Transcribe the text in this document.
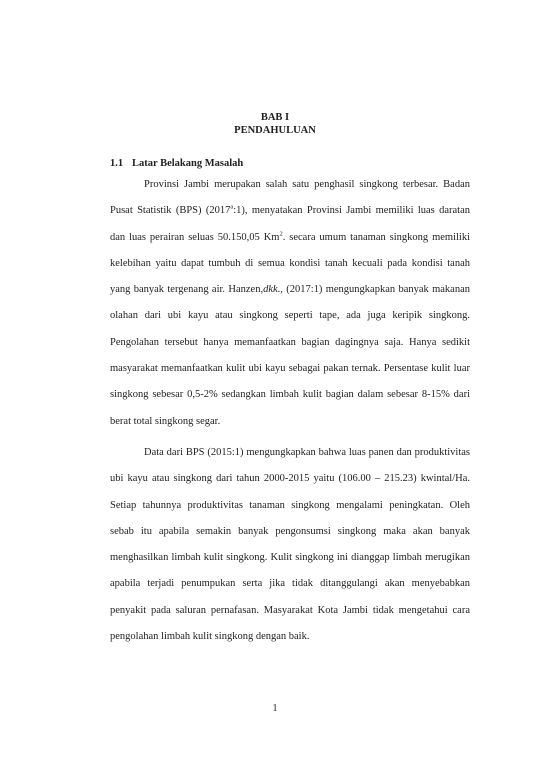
BAB I
PENDAHULUAN
1.1 Latar Belakang Masalah

Provinsi Jambi merupakan salah satu penghasil singkong terbesar. Badan Pusat Statistik (BPS) (2017$^a$:1), menyatakan Provinsi Jambi memiliki luas daratan dan luas perairan seluas 50.150,05 Km$^2$. secara umum tanaman singkong memiliki kelebihan yaitu dapat tumbuh di semua kondisi tanah kecuali pada kondisi tanah yang banyak tergenang air. Hanzen,dkk., (2017:1) mengungkapkan banyak makanan olahan dari ubi kayu atau singkong seperti tape, ada juga keripik singkong. Pengolahan tersebut hanya memanfaatkan bagian dagingnya saja. Hanya sedikit masyarakat memanfaatkan kulit ubi kayu sebagai pakan ternak. Persentase kulit luar singkong sebesar 0,5-2% sedangkan limbah kulit bagian dalam sebesar 8-15% dari berat total singkong segar.

Data dari BPS (2015:1) mengungkapkan bahwa luas panen dan produktivitas ubi kayu atau singkong dari tahun 2000-2015 yaitu (106.00 – 215.23) kwintal/Ha. Setiap tahunnya produktivitas tanaman singkong mengalami peningkatan. Oleh sebab itu apabila semakin banyak pengonsumsi singkong maka akan banyak menghasilkan limbah kulit singkong. Kulit singkong ini dianggap limbah merugikan apabila terjadi penumpukan serta jika tidak ditanggulangi akan menyebabkan penyakit pada saluran pernafasan. Masyarakat Kota Jambi tidak mengetahui cara pengolahan limbah kulit singkong dengan baik.

1
